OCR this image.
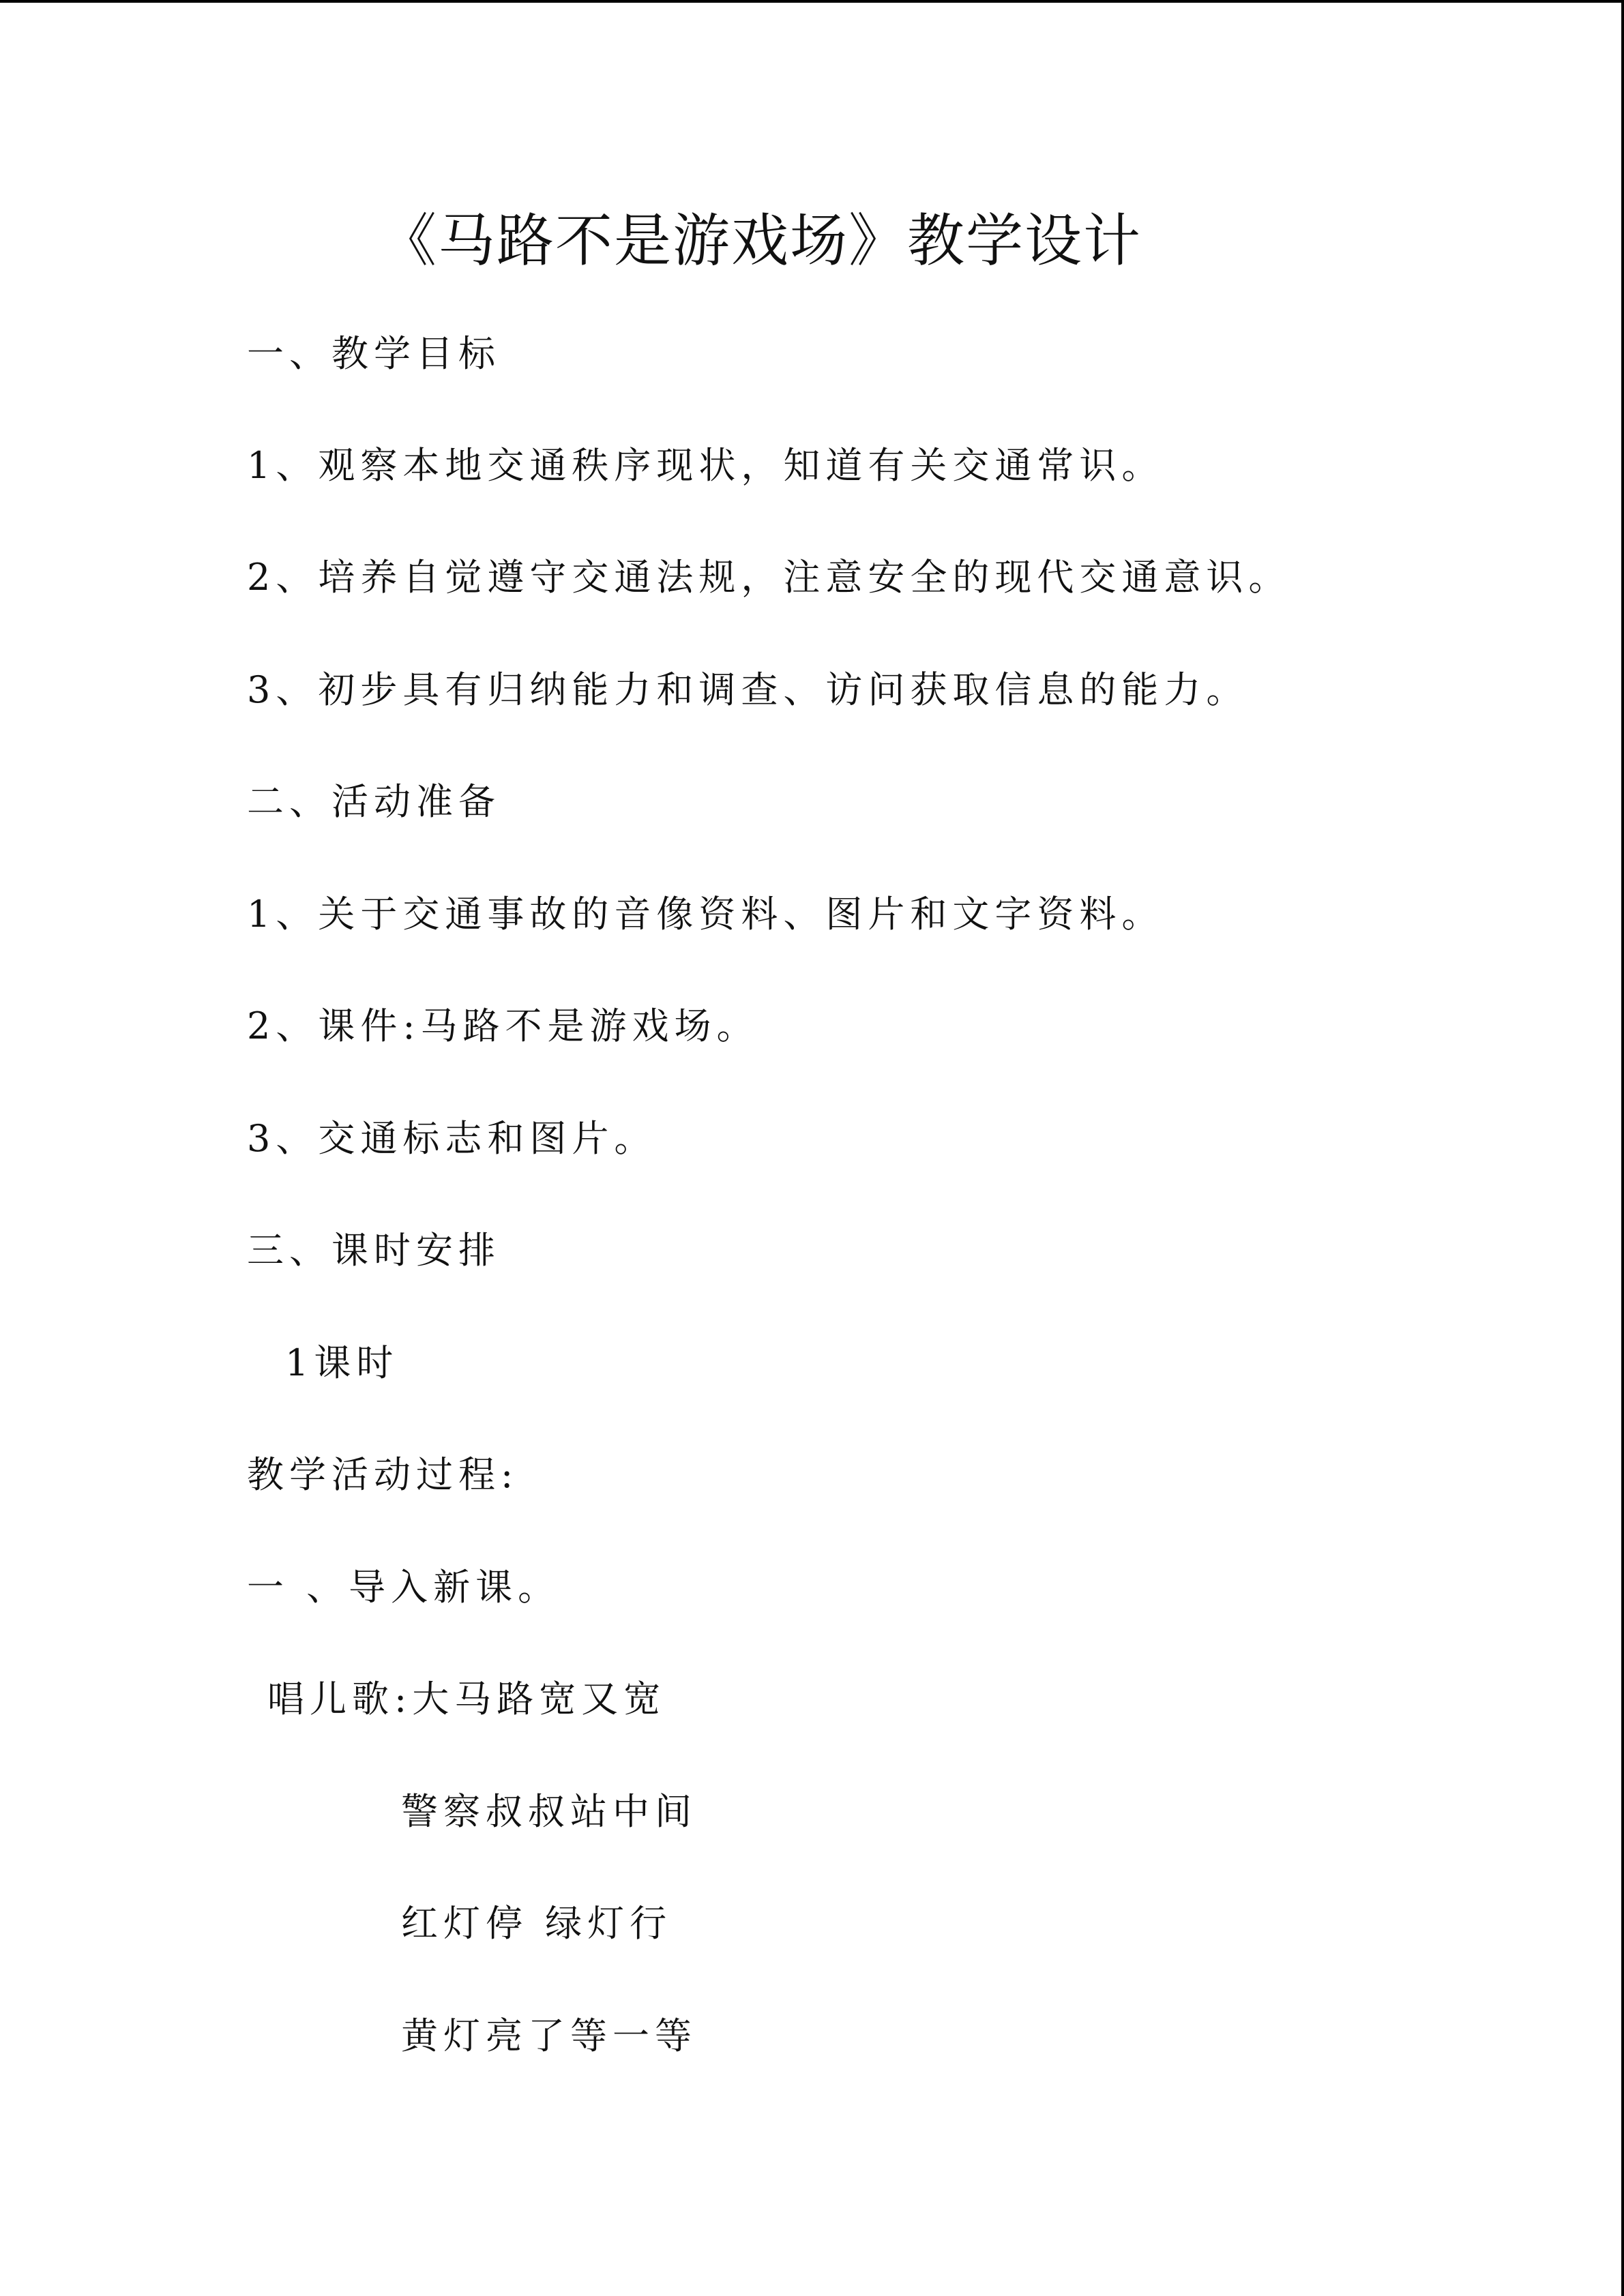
《马路不是游戏场》教学设计
一、教学目标
1、观察本地交通秩序现状，知道有关交通常识。
2、培养自觉遵守交通法规，注意安全的现代交通意识。
3、初步具有归纳能力和调查、访问获取信息的能力。
二、活动准备
1、关于交通事故的音像资料、图片和文字资料。
2、课件:马路不是游戏场。
3、交通标志和图片。
三、课时安排
1课时
教学活动过程:
一 、导入新课。
唱儿歌:大马路宽又宽
警察叔叔站中间
红灯停 绿灯行
黄灯亮了等一等
